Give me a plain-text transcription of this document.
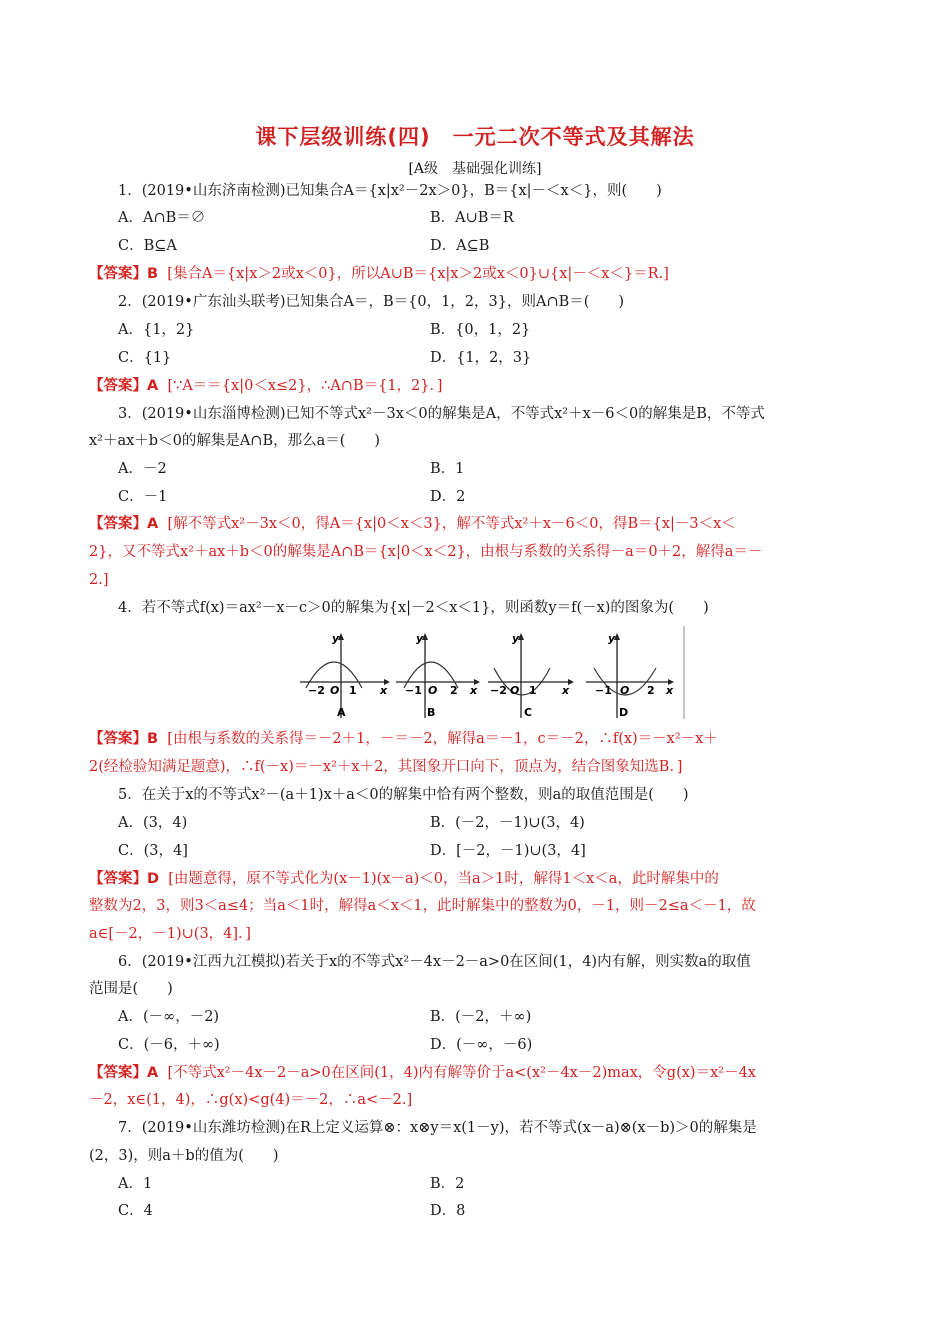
课下层级训练(四)　一元二次不等式及其解法
[A级　基础强化训练]
1．(2019•山东济南检测)已知集合A＝{x|x²－2x＞0}，B＝{x|－＜x＜}，则(　　)
A．A∩B＝∅	B．A∪B＝R
C．B⊆A	D．A⊆B
【答案】B [集合A＝{x|x＞2或x＜0}，所以A∪B＝{x|x＞2或x＜0}∪{x|－＜x＜}＝R.]
2．(2019•广东汕头联考)已知集合A＝，B＝{0，1，2，3}，则A∩B＝(　　)
A．{1，2}	B．{0，1，2}
C．{1}	D．{1，2，3}
【答案】A [∵A＝＝{x|0＜x≤2}，∴A∩B＝{1，2}．]
3．(2019•山东淄博检测)已知不等式x²－3x＜0的解集是A，不等式x²＋x－6＜0的解集是B，不等式
x²＋ax＋b＜0的解集是A∩B，那么a＝(　　)
A．－2	B．1
C．－1	D．2
【答案】A [解不等式x²－3x＜0，得A＝{x|0＜x＜3}，解不等式x²＋x－6＜0，得B＝{x|－3＜x＜
2}，又不等式x²＋ax＋b＜0的解集是A∩B＝{x|0＜x＜2}，由根与系数的关系得－a＝0＋2，解得a＝－
2.]
4．若不等式f(x)＝ax²－x－c＞0的解集为{x|－2＜x＜1}，则函数y＝f(－x)的图象为(　　)
y
−2 O 1 x
A
y
−1 O 2 x
B
y
−2 O 1 x
C
y
−1 O 2 x
D
【答案】B [由根与系数的关系得＝－2＋1，－＝－2，解得a＝－1，c＝－2，∴f(x)＝－x²－x＋
2(经检验知满足题意)，∴f(－x)＝－x²＋x＋2，其图象开口向下，顶点为，结合图象知选B．]
5．在关于x的不等式x²－(a＋1)x＋a＜0的解集中恰有两个整数，则a的取值范围是(　　)
A．(3，4)	B．(－2，－1)∪(3，4)
C．(3，4]	D．[－2，－1)∪(3，4]
【答案】D [由题意得，原不等式化为(x－1)(x－a)＜0，当a＞1时，解得1＜x＜a，此时解集中的
整数为2，3，则3＜a≤4；当a＜1时，解得a＜x＜1，此时解集中的整数为0，－1，则－2≤a＜－1，故
a∈[－2，－1)∪(3，4]．]
6．(2019•江西九江模拟)若关于x的不等式x²－4x－2－a>0在区间(1，4)内有解，则实数a的取值
范围是(　　)
A．(－∞，－2)	B．(－2，＋∞)
C．(－6，＋∞)	D．(－∞，－6)
【答案】A [不等式x²－4x－2－a>0在区间(1，4)内有解等价于a<(x²－4x－2)max，令g(x)＝x²－4x
－2，x∈(1，4)，∴g(x)<g(4)＝－2，∴a<－2.]
7．(2019•山东潍坊检测)在R上定义运算⊗：x⊗y＝x(1－y)，若不等式(x－a)⊗(x－b)＞0的解集是
(2，3)，则a＋b的值为(　　)
A．1	B．2
C．4	D．8
